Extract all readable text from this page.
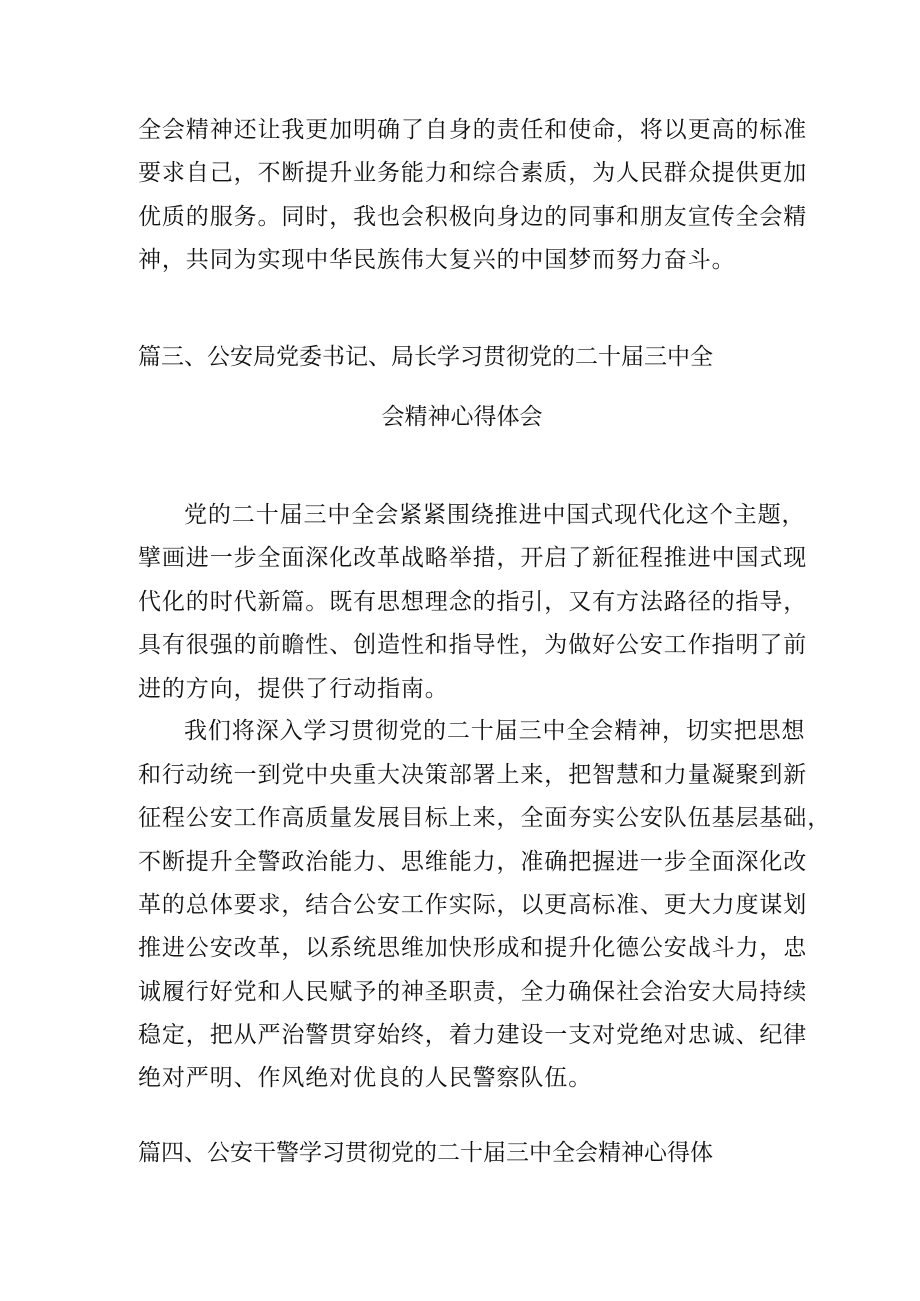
全会精神还让我更加明确了自身的责任和使命，将以更高的标准
要求自己，不断提升业务能力和综合素质，为人民群众提供更加
优质的服务。同时，我也会积极向身边的同事和朋友宣传全会精
神，共同为实现中华民族伟大复兴的中国梦而努力奋斗。
篇三、公安局党委书记、局长学习贯彻党的二十届三中全
会精神心得体会
党的二十届三中全会紧紧围绕推进中国式现代化这个主题，
擘画进一步全面深化改革战略举措，开启了新征程推进中国式现
代化的时代新篇。既有思想理念的指引，又有方法路径的指导，
具有很强的前瞻性、创造性和指导性，为做好公安工作指明了前
进的方向，提供了行动指南。
我们将深入学习贯彻党的二十届三中全会精神，切实把思想
和行动统一到党中央重大决策部署上来，把智慧和力量凝聚到新
征程公安工作高质量发展目标上来，全面夯实公安队伍基层基础，
不断提升全警政治能力、思维能力，准确把握进一步全面深化改
革的总体要求，结合公安工作实际，以更高标准、更大力度谋划
推进公安改革，以系统思维加快形成和提升化德公安战斗力，忠
诚履行好党和人民赋予的神圣职责，全力确保社会治安大局持续
稳定，把从严治警贯穿始终，着力建设一支对党绝对忠诚、纪律
绝对严明、作风绝对优良的人民警察队伍。
篇四、公安干警学习贯彻党的二十届三中全会精神心得体
